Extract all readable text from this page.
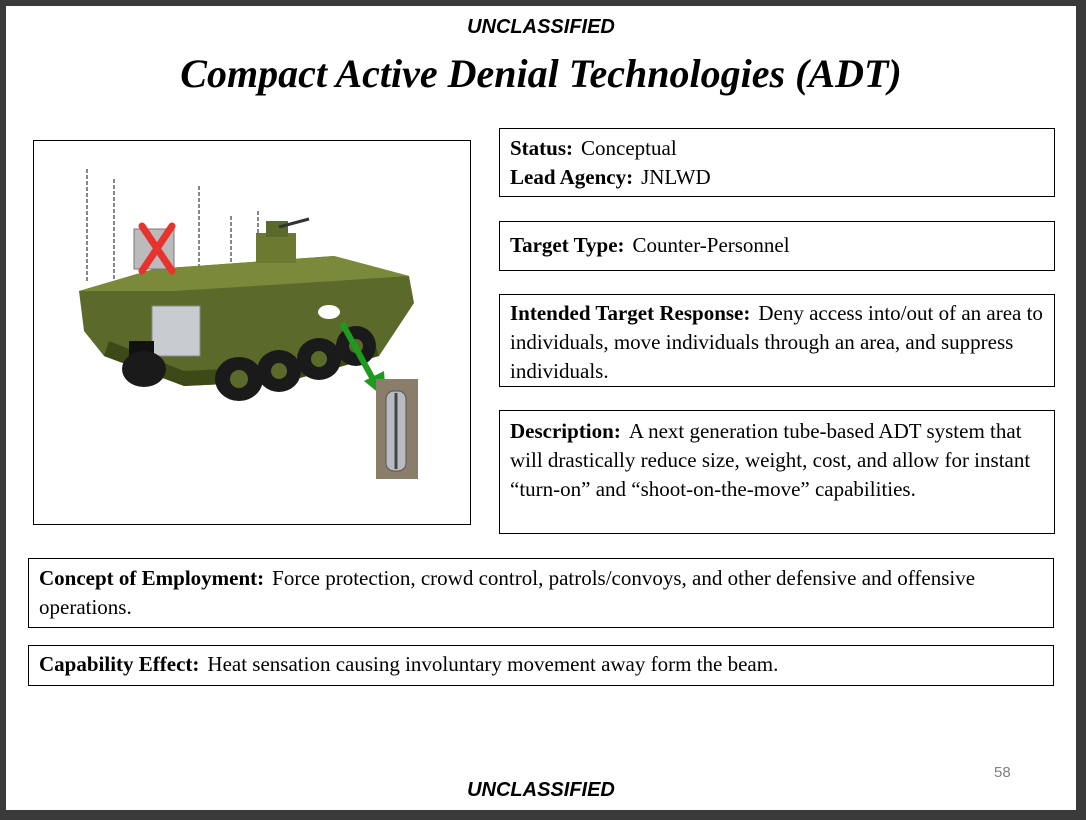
UNCLASSIFIED
Compact Active Denial Technologies (ADT)
Status: Conceptual
Lead Agency: JNLWD
Target Type: Counter-Personnel
Intended Target Response: Deny access into/out of an area to individuals, move individuals through an area, and suppress individuals.
Description: A next generation tube-based ADT system that will drastically reduce size, weight, cost, and allow for instant “turn-on” and “shoot-on-the-move” capabilities.
Concept of Employment: Force protection, crowd control, patrols/convoys, and other defensive and offensive operations.
Capability Effect: Heat sensation causing involuntary movement away form the beam.
58
UNCLASSIFIED
